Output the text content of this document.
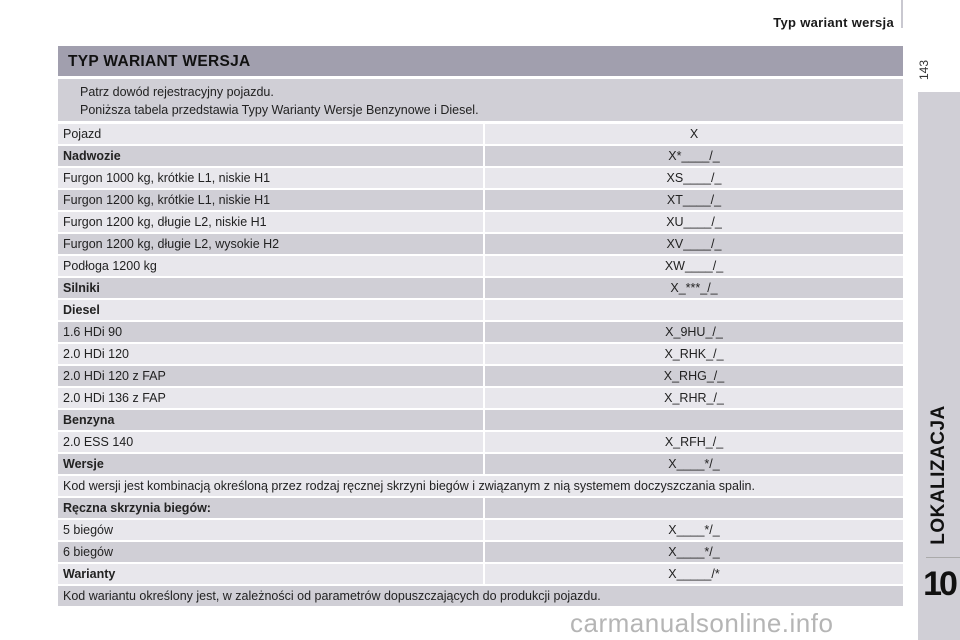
Typ wariant wersja
143
LOKALIZACJA
10
TYP WARIANT WERSJA
Patrz dowód rejestracyjny pojazdu.
Poniższa tabela przedstawia Typy Warianty Wersje Benzynowe i Diesel.
Pojazd	X
Nadwozie	X*____/_
Furgon 1000 kg, krótkie L1, niskie H1	XS____/_
Furgon 1200 kg, krótkie L1, niskie H1	XT____/_
Furgon 1200 kg, długie L2, niskie H1	XU____/_
Furgon 1200 kg, długie L2, wysokie H2	XV____/_
Podłoga 1200 kg	XW____/_
Silniki	X_***_/_
Diesel
1.6 HDi 90	X_9HU_/_
2.0 HDi 120	X_RHK_/_
2.0 HDi 120 z FAP	X_RHG_/_
2.0 HDi 136 z FAP	X_RHR_/_
Benzyna
2.0 ESS 140	X_RFH_/_
Wersje	X____*/_
Kod wersji jest kombinacją określoną przez rodzaj ręcznej skrzyni biegów i związanym z nią systemem doczyszczania spalin.
Ręczna skrzynia biegów:
5 biegów	X____*/_
6 biegów	X____*/_
Warianty	X_____/*
Kod wariantu określony jest, w zależności od parametrów dopuszczających do produkcji pojazdu.
carmanualsonline.info
